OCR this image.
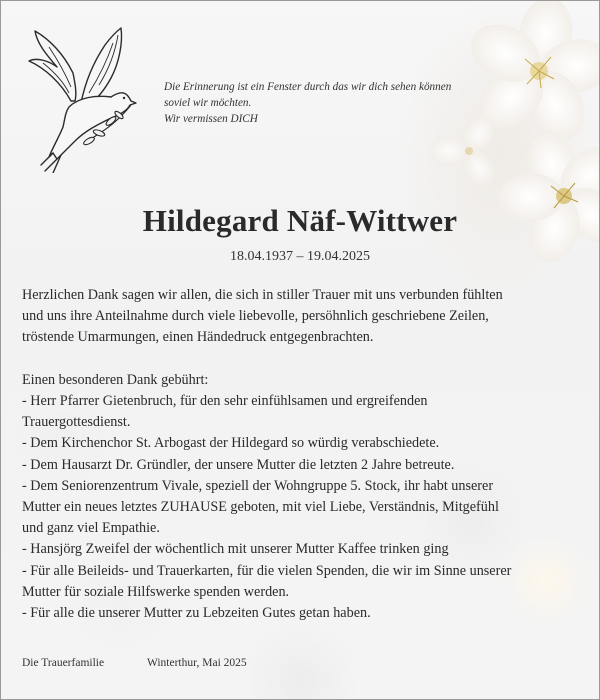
Die Erinnerung ist ein Fenster durch das wir dich sehen können
soviel wir möchten.
Wir vermissen DICH
Hildegard Näf-Wittwer
18.04.1937 – 19.04.2025
Herzlichen Dank sagen wir allen, die sich in stiller Trauer mit uns verbunden fühlten
und uns ihre Anteilnahme durch viele liebevolle, persöhnlich geschriebene Zeilen,
tröstende Umarmungen, einen Händedruck entgegenbrachten.
Einen besonderen Dank gebührt:
- Herr Pfarrer Gietenbruch, für den sehr einfühlsamen und ergreifenden
Trauergottesdienst.
- Dem Kirchenchor St. Arbogast der Hildegard so würdig verabschiedete.
- Dem Hausarzt Dr. Gründler, der unsere Mutter die letzten 2 Jahre betreute.
- Dem Seniorenzentrum Vivale, speziell der Wohngruppe 5. Stock, ihr habt unserer
Mutter ein neues letztes ZUHAUSE geboten, mit viel Liebe, Verständnis, Mitgefühl
und ganz viel Empathie.
- Hansjörg Zweifel der wöchentlich mit unserer Mutter Kaffee trinken ging
- Für alle Beileids- und Trauerkarten, für die vielen Spenden, die wir im Sinne unserer
Mutter für soziale Hilfswerke spenden werden.
- Für alle die unserer Mutter zu Lebzeiten Gutes getan haben.
Die Trauerfamilie	Winterthur, Mai 2025
